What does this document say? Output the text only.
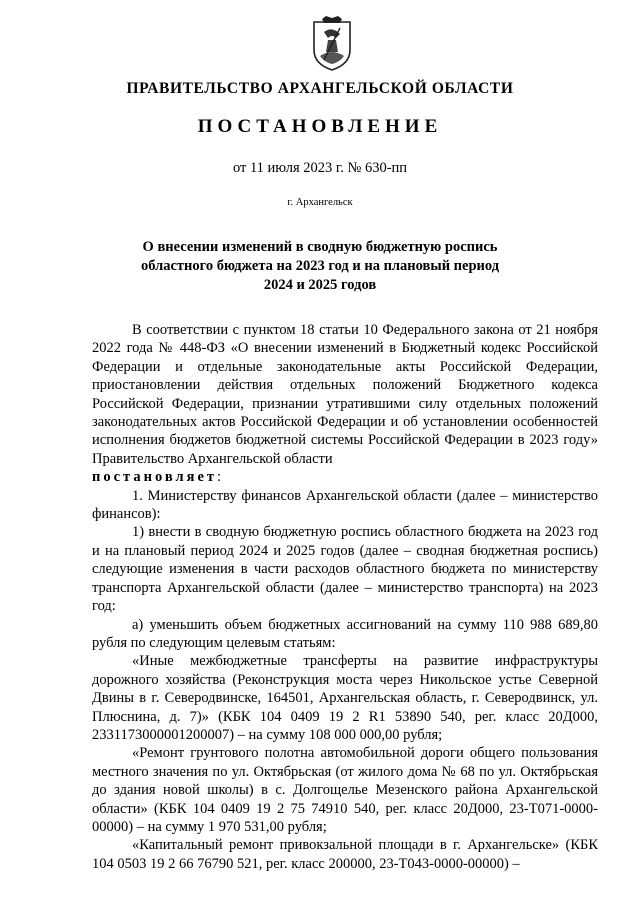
ПРАВИТЕЛЬСТВО АРХАНГЕЛЬСКОЙ ОБЛАСТИ
ПОСТАНОВЛЕНИЕ
от 11 июля 2023 г. № 630-пп
г. Архангельск
О внесении изменений в сводную бюджетную роспись
областного бюджета на 2023 год и на плановый период
2024 и 2025 годов

В соответствии с пунктом 18 статьи 10 Федерального закона от 21 ноября 2022 года № 448-ФЗ «О внесении изменений в Бюджетный кодекс Российской Федерации и отдельные законодательные акты Российской Федерации, приостановлении действия отдельных положений Бюджетного кодекса Российской Федерации, признании утратившими силу отдельных положений законодательных актов Российской Федерации и об установлении особенностей исполнения бюджетов бюджетной системы Российской Федерации в 2023 году» Правительство Архангельской области
постановляет:

1. Министерству финансов Архангельской области (далее – министерство финансов):

1) внести в сводную бюджетную роспись областного бюджета на 2023 год и на плановый период 2024 и 2025 годов (далее – сводная бюджетная роспись) следующие изменения в части расходов областного бюджета по министерству транспорта Архангельской области (далее – министерство транспорта) на 2023 год:

а) уменьшить объем бюджетных ассигнований на сумму 110 988 689,80 рубля по следующим целевым статьям:

«Иные межбюджетные трансферты на развитие инфраструктуры дорожного хозяйства (Реконструкция моста через Никольское устье Северной Двины в г. Северодвинске, 164501, Архангельская область, г. Северодвинск, ул. Плюснина, д. 7)» (КБК 104 0409 19 2 R1 53890 540, рег. класс 20Д000, 2331173000001200007) – на сумму 108 000 000,00 рубля;

«Ремонт грунтового полотна автомобильной дороги общего пользования местного значения по ул. Октябрьская (от жилого дома № 68 по ул. Октябрьская до здания новой школы) в с. Долгощелье Мезенского района Архангельской области» (КБК 104 0409 19 2 75 74910 540, рег. класс 20Д000, 23-Т071-0000-00000) – на сумму 1 970 531,00 рубля;

«Капитальный ремонт привокзальной площади в г. Архангельске» (КБК 104 0503 19 2 66 76790 521, рег. класс 200000, 23-Т043-0000-00000) –
